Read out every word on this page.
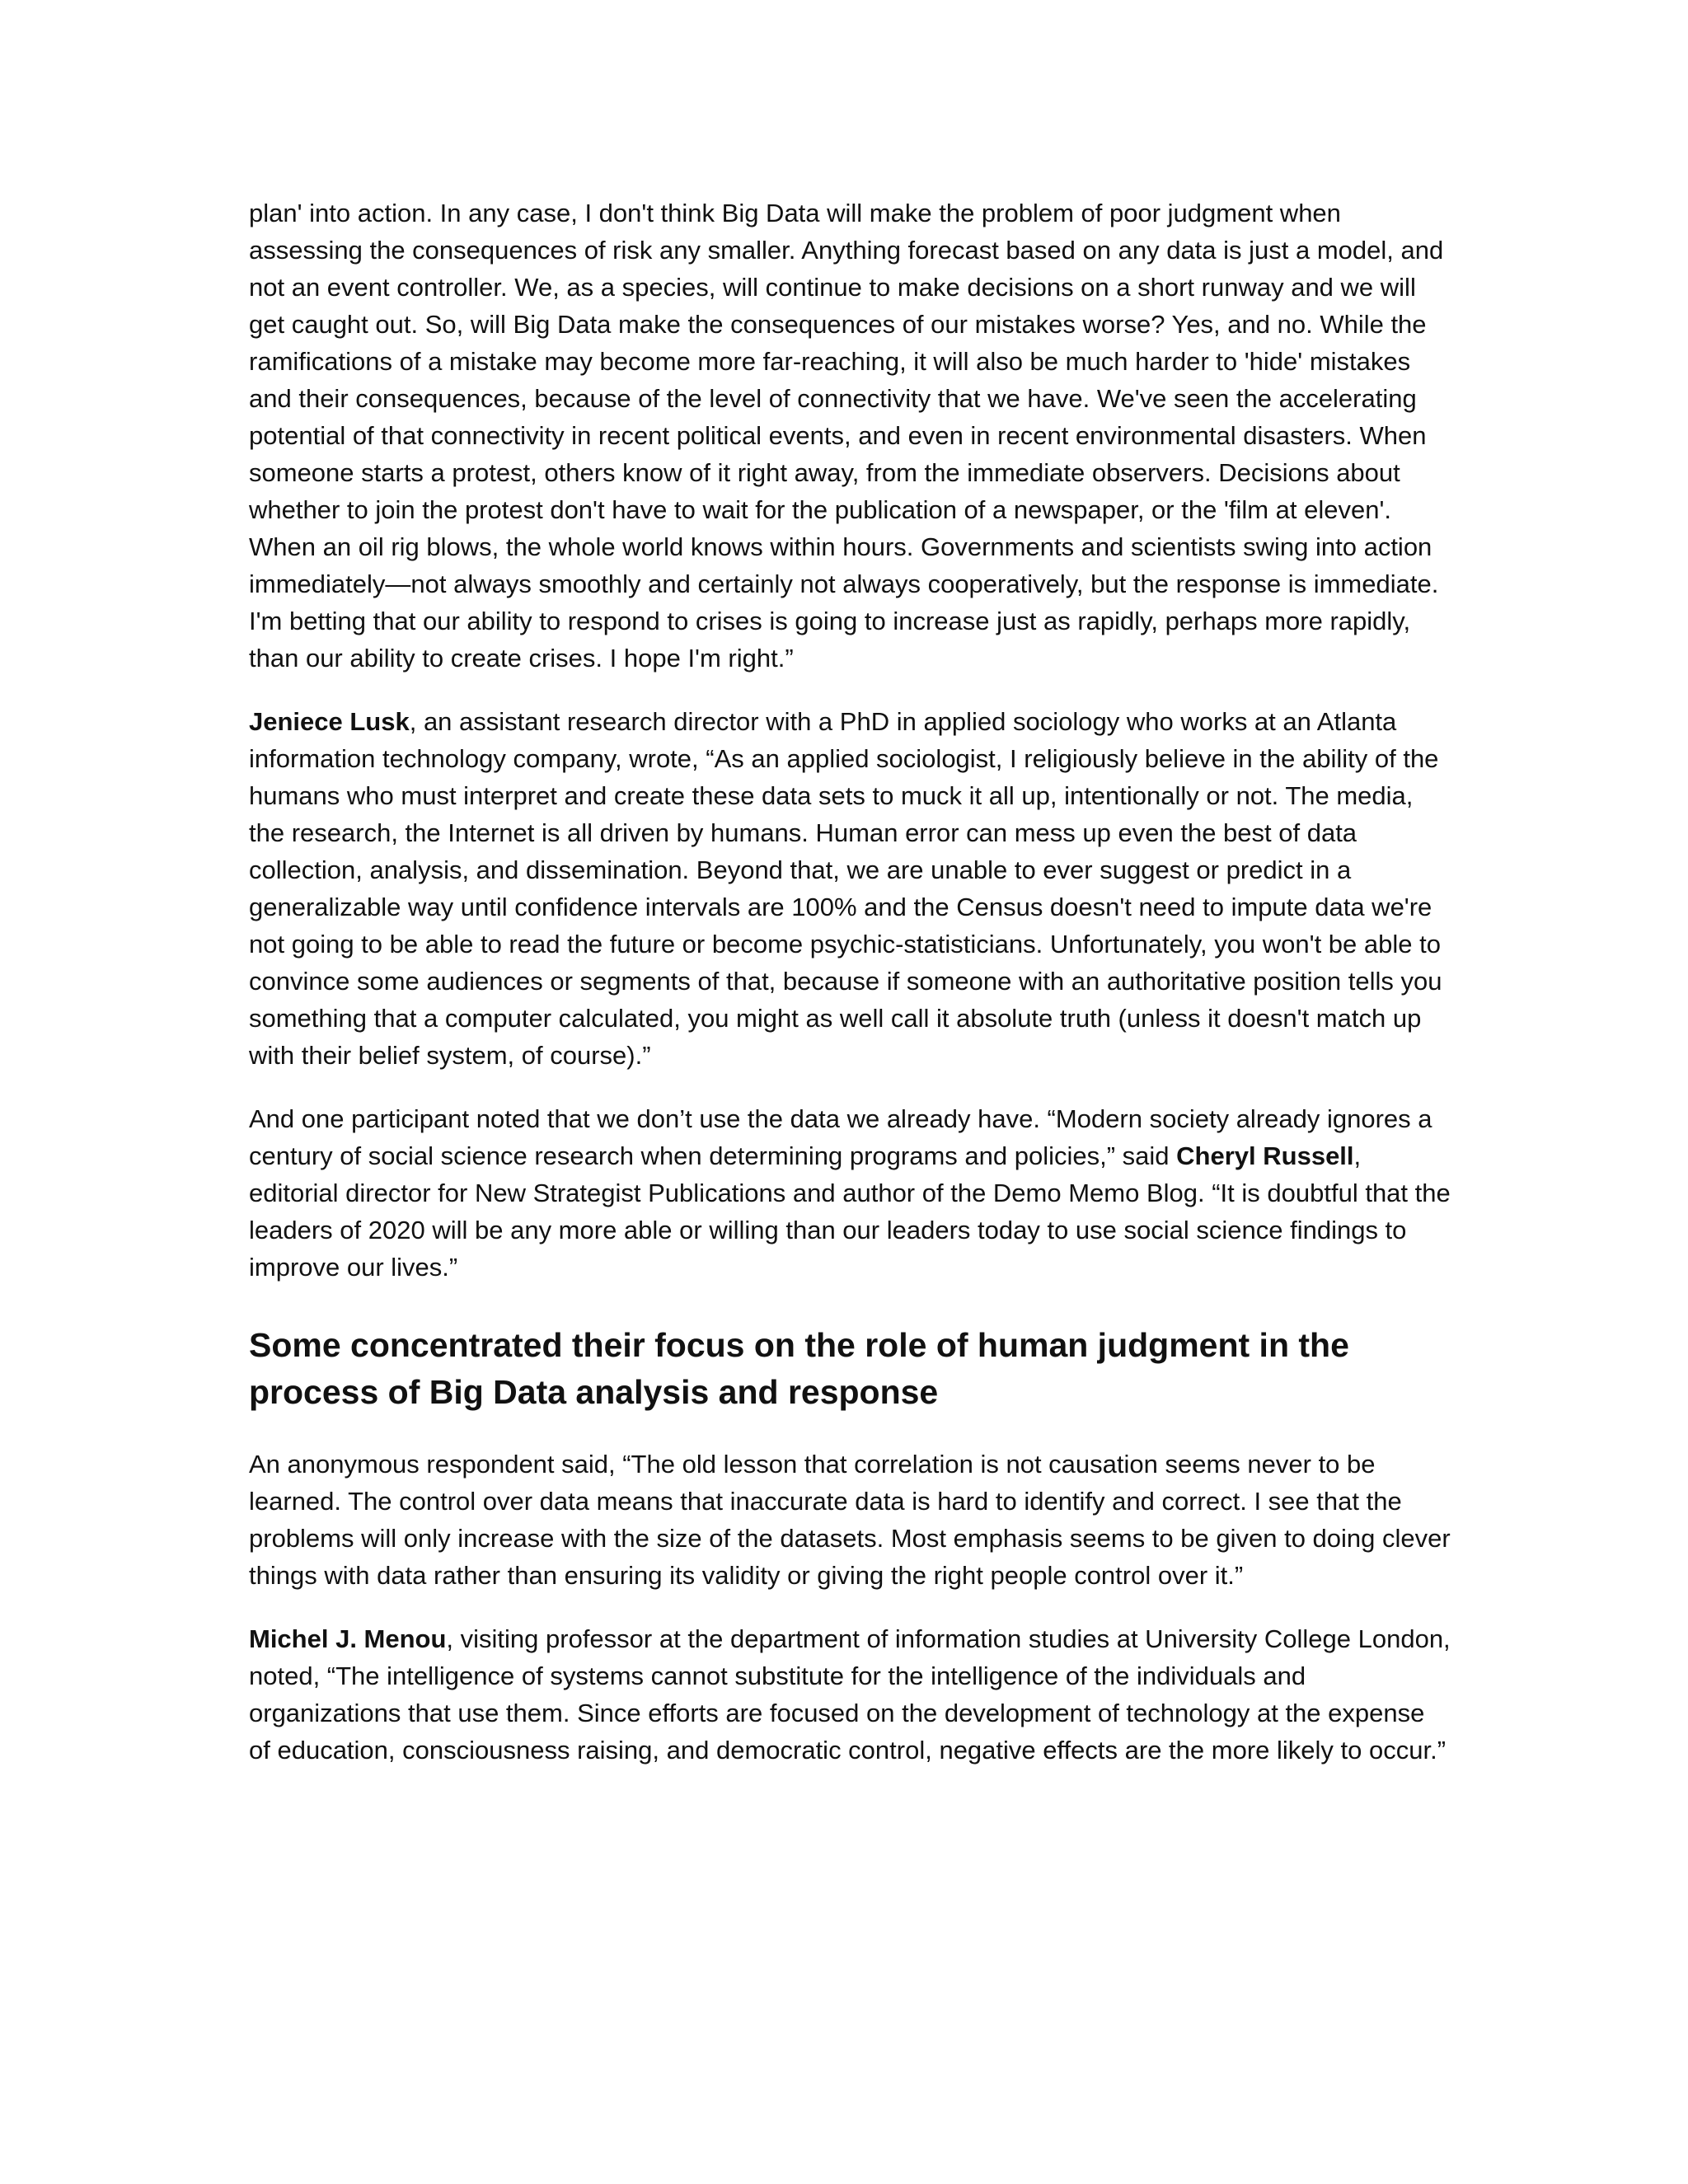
plan' into action. In any case, I don't think Big Data will make the problem of poor judgment when assessing the consequences of risk any smaller. Anything forecast based on any data is just a model, and not an event controller. We, as a species, will continue to make decisions on a short runway and we will get caught out. So, will Big Data make the consequences of our mistakes worse? Yes, and no. While the ramifications of a mistake may become more far-reaching, it will also be much harder to 'hide' mistakes and their consequences, because of the level of connectivity that we have. We've seen the accelerating potential of that connectivity in recent political events, and even in recent environmental disasters. When someone starts a protest, others know of it right away, from the immediate observers. Decisions about whether to join the protest don't have to wait for the publication of a newspaper, or the 'film at eleven'. When an oil rig blows, the whole world knows within hours. Governments and scientists swing into action immediately—not always smoothly and certainly not always cooperatively, but the response is immediate. I'm betting that our ability to respond to crises is going to increase just as rapidly, perhaps more rapidly, than our ability to create crises. I hope I'm right.”

Jeniece Lusk, an assistant research director with a PhD in applied sociology who works at an Atlanta information technology company, wrote, “As an applied sociologist, I religiously believe in the ability of the humans who must interpret and create these data sets to muck it all up, intentionally or not. The media, the research, the Internet is all driven by humans. Human error can mess up even the best of data collection, analysis, and dissemination. Beyond that, we are unable to ever suggest or predict in a generalizable way until confidence intervals are 100% and the Census doesn't need to impute data we're not going to be able to read the future or become psychic-statisticians. Unfortunately, you won't be able to convince some audiences or segments of that, because if someone with an authoritative position tells you something that a computer calculated, you might as well call it absolute truth (unless it doesn't match up with their belief system, of course).”

And one participant noted that we don’t use the data we already have. “Modern society already ignores a century of social science research when determining programs and policies,” said Cheryl Russell, editorial director for New Strategist Publications and author of the Demo Memo Blog. “It is doubtful that the leaders of 2020 will be any more able or willing than our leaders today to use social science findings to improve our lives.”

Some concentrated their focus on the role of human judgment in the process of Big Data analysis and response

An anonymous respondent said, “The old lesson that correlation is not causation seems never to be learned. The control over data means that inaccurate data is hard to identify and correct. I see that the problems will only increase with the size of the datasets. Most emphasis seems to be given to doing clever things with data rather than ensuring its validity or giving the right people control over it.”

Michel J. Menou, visiting professor at the department of information studies at University College London, noted, “The intelligence of systems cannot substitute for the intelligence of the individuals and organizations that use them. Since efforts are focused on the development of technology at the expense of education, consciousness raising, and democratic control, negative effects are the more likely to occur.”
